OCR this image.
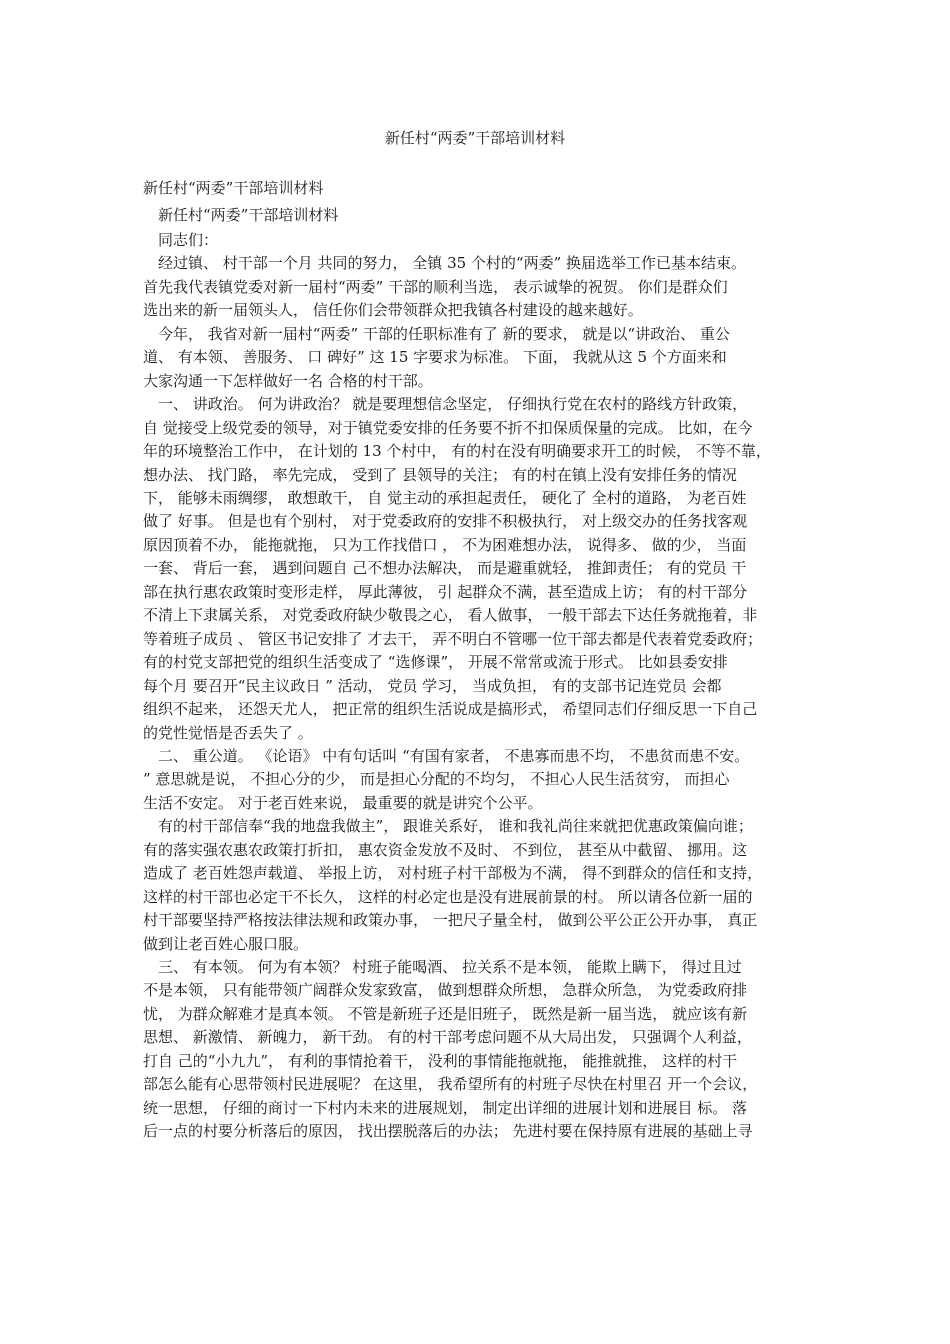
新任村“两委”干部培训材料
新任村“两委”干部培训材料
　新任村“两委”干部培训材料
　同志们：
　经过镇、 村干部一个月 共同的努力， 全镇 35 个村的“两委” 换届选举工作已基本结束。
首先我代表镇党委对新一届村“两委” 干部的顺利当选， 表示诚挚的祝贺。 你们是群众们
选出来的新一届领头人， 信任你们会带领群众把我镇各村建设的越来越好。
　今年， 我省对新一届村“两委” 干部的任职标准有了 新的要求， 就是以“讲政治、 重公
道、 有本领、 善服务、 口 碑好” 这 15 字要求为标准。 下面， 我就从这 5 个方面来和
大家沟通一下怎样做好一名 合格的村干部。
　一、 讲政治。 何为讲政治？ 就是要理想信念坚定， 仔细执行党在农村的路线方针政策，
自 觉接受上级党委的领导，对于镇党委安排的任务要不折不扣保质保量的完成。 比如，在今
年的环境整治工作中， 在计划的 13 个村中， 有的村在没有明确要求开工的时候， 不等不靠，
想办法、 找门路， 率先完成， 受到了 县领导的关注； 有的村在镇上没有安排任务的情况
下， 能够未雨绸缪， 敢想敢干， 自 觉主动的承担起责任， 硬化了 全村的道路， 为老百姓
做了 好事。 但是也有个别村， 对于党委政府的安排不积极执行， 对上级交办的任务找客观
原因顶着不办， 能拖就拖， 只为工作找借口 ， 不为困难想办法， 说得多、 做的少， 当面
一套、 背后一套， 遇到问题自 己不想办法解决， 而是避重就轻， 推卸责任； 有的党员 干
部在执行惠农政策时变形走样， 厚此薄彼， 引 起群众不满，甚至造成上访； 有的村干部分
不清上下隶属关系， 对党委政府缺少敬畏之心， 看人做事， 一般干部去下达任务就拖着，非
等着班子成员 、 管区书记安排了 才去干， 弄不明白不管哪一位干部去都是代表着党委政府；
有的村党支部把党的组织生活变成了 “选修课”， 开展不常常或流于形式。 比如县委安排
每个月 要召开“民主议政日 ” 活动， 党员 学习， 当成负担， 有的支部书记连党员 会都
组织不起来， 还怨天尤人， 把正常的组织生活说成是搞形式， 希望同志们仔细反思一下自己
的党性觉悟是否丢失了 。
　二、 重公道。 《论语》 中有句话叫 “有国有家者， 不患寡而患不均， 不患贫而患不安。
” 意思就是说， 不担心分的少， 而是担心分配的不均匀， 不担心人民生活贫穷， 而担心
生活不安定。 对于老百姓来说， 最重要的就是讲究个公平。
　有的村干部信奉“我的地盘我做主”， 跟谁关系好， 谁和我礼尚往来就把优惠政策偏向谁；
有的落实强农惠农政策打折扣， 惠农资金发放不及时、 不到位， 甚至从中截留、 挪用。这
造成了 老百姓怨声载道、 举报上访， 对村班子村干部极为不满， 得不到群众的信任和支持，
这样的村干部也必定干不长久， 这样的村必定也是没有进展前景的村。 所以请各位新一届的
村干部要坚持严格按法律法规和政策办事， 一把尺子量全村， 做到公平公正公开办事， 真正
做到让老百姓心服口服。
　三、 有本领。 何为有本领？ 村班子能喝酒、 拉关系不是本领， 能欺上瞒下， 得过且过
不是本领， 只有能带领广阔群众发家致富， 做到想群众所想， 急群众所急， 为党委政府排
忧， 为群众解难才是真本领。 不管是新班子还是旧班子， 既然是新一届当选， 就应该有新
思想、 新激情、 新魄力， 新干劲。 有的村干部考虑问题不从大局出发， 只强调个人利益，
打自 己的“小九九”， 有利的事情抢着干， 没利的事情能拖就拖， 能推就推， 这样的村干
部怎么能有心思带领村民进展呢？ 在这里， 我希望所有的村班子尽快在村里召 开一个会议，
统一思想， 仔细的商讨一下村内未来的进展规划， 制定出详细的进展计划和进展目 标。 落
后一点的村要分析落后的原因， 找出摆脱落后的办法； 先进村要在保持原有进展的基础上寻
